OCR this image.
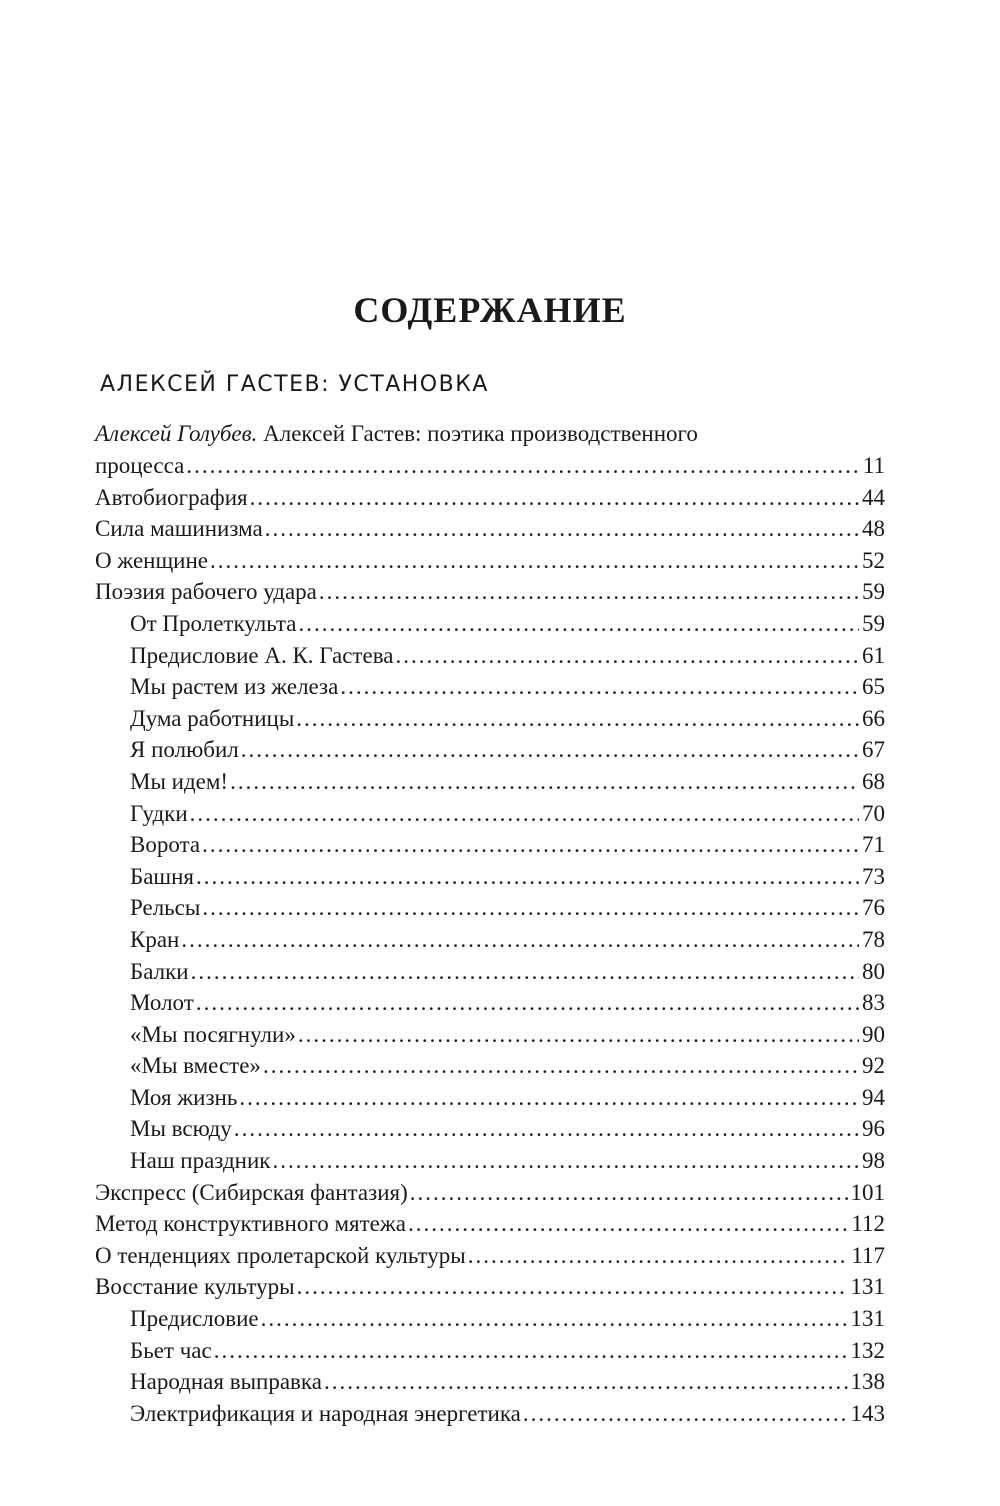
СОДЕРЖАНИЕ
АЛЕКСЕЙ ГАСТЕВ: УСТАНОВКА
Алексей Голубев. Алексей Гастев: поэтика производственного
процесса .....	11
Автобиография .....	44
Сила машинизма .....	48
О женщине .....	52
Поэзия рабочего удара .....	59
От Пролеткульта .....	59
Предисловие А. К. Гастева .....	61
Мы растем из железа .....	65
Дума работницы .....	66
Я полюбил .....	67
Мы идем! .....	68
Гудки .....	70
Ворота .....	71
Башня .....	73
Рельсы .....	76
Кран .....	78
Балки .....	80
Молот .....	83
«Мы посягнули» .....	90
«Мы вместе» .....	92
Моя жизнь .....	94
Мы всюду .....	96
Наш праздник .....	98
Экспресс (Сибирская фантазия) .....	101
Метод конструктивного мятежа .....	112
О тенденциях пролетарской культуры .....	117
Восстание культуры .....	131
Предисловие .....	131
Бьет час .....	132
Народная выправка .....	138
Электрификация и народная энергетика .....	143
